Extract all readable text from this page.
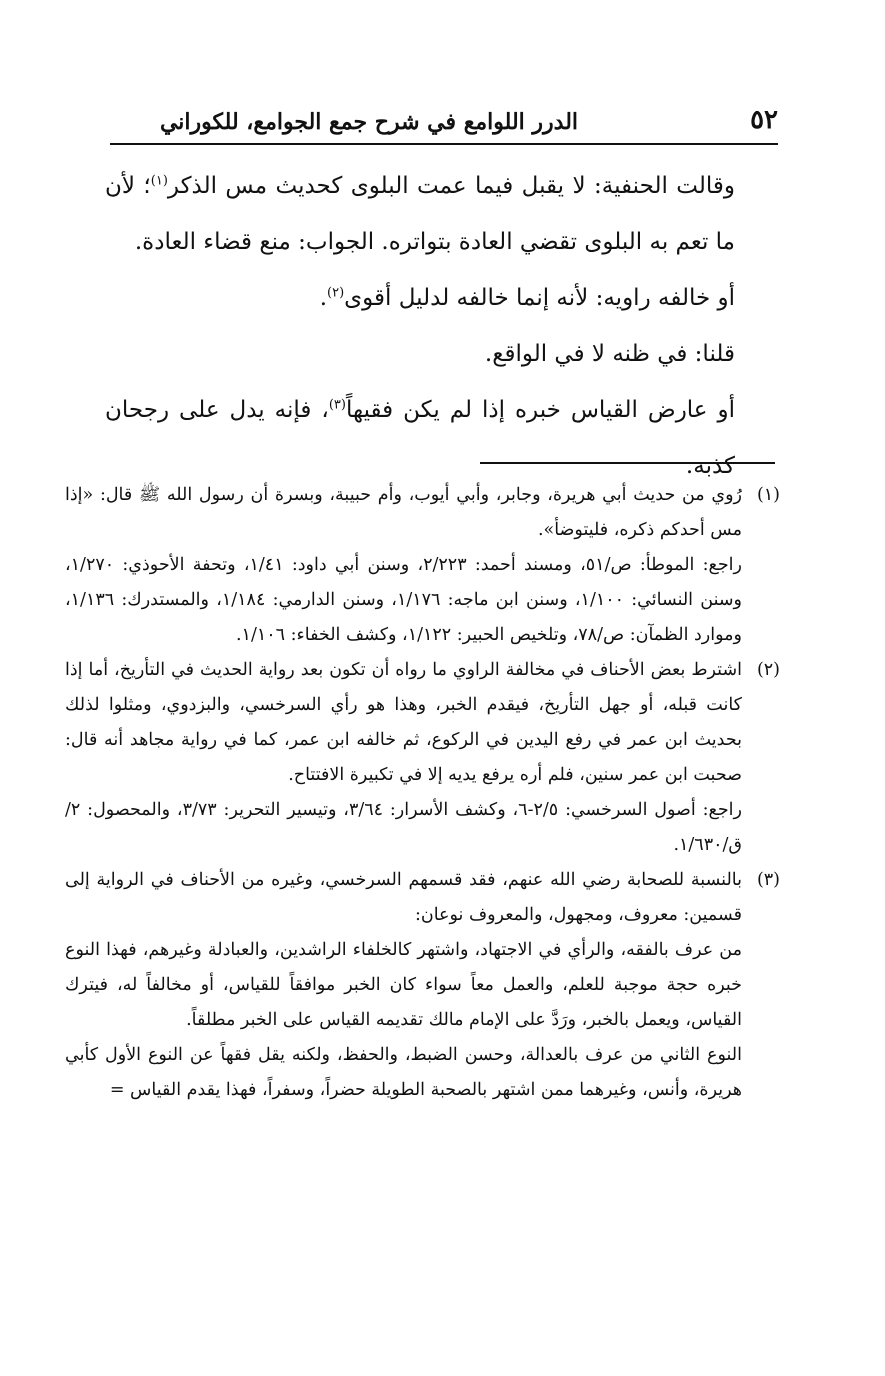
٥٢
الدرر اللوامع في شرح جمع الجوامع، للكوراني

وقالت الحنفية: لا يقبل فيما عمت البلوى كحديث مس الذكر$^{(١)}$؛ لأن ما تعم به البلوى تقضي العادة بتواتره. الجواب: منع قضاء العادة.

أو خالفه راويه: لأنه إنما خالفه لدليل أقوى$^{(٢)}$.

قلنا: في ظنه لا في الواقع.

أو عارض القياس خبره إذا لم يكن فقيهاً$^{(٣)}$، فإنه يدل على رجحان كذبه.

(١)

رُوي من حديث أبي هريرة، وجابر، وأبي أيوب، وأم حبيبة، وبسرة أن رسول الله ﷺ قال: «إذا مس أحدكم ذكره، فليتوضأ».

راجع: الموطأ: ص/٥١، ومسند أحمد: ٢/٢٢٣، وسنن أبي داود: ١/٤١، وتحفة الأحوذي: ١/٢٧٠، وسنن النسائي: ١/١٠٠، وسنن ابن ماجه: ١/١٧٦، وسنن الدارمي: ١/١٨٤، والمستدرك: ١/١٣٦، وموارد الظمآن: ص/٧٨، وتلخيص الحبير: ١/١٢٢، وكشف الخفاء: ١/١٠٦.

(٢)

اشترط بعض الأحناف في مخالفة الراوي ما رواه أن تكون بعد رواية الحديث في التأريخ، أما إذا كانت قبله، أو جهل التأريخ، فيقدم الخبر، وهذا هو رأي السرخسي، والبزدوي، ومثلوا لذلك بحديث ابن عمر في رفع اليدين في الركوع، ثم خالفه ابن عمر، كما في رواية مجاهد أنه قال: صحبت ابن عمر سنين، فلم أره يرفع يديه إلا في تكبيرة الافتتاح.

راجع: أصول السرخسي: ٢/٥-٦، وكشف الأسرار: ٣/٦٤، وتيسير التحرير: ٣/٧٣، والمحصول: ٢/ق/١/٦٣٠.

(٣)

بالنسبة للصحابة رضي الله عنهم، فقد قسمهم السرخسي، وغيره من الأحناف في الرواية إلى قسمين: معروف، ومجهول، والمعروف نوعان:

من عرف بالفقه، والرأي في الاجتهاد، واشتهر كالخلفاء الراشدين، والعبادلة وغيرهم، فهذا النوع خبره حجة موجبة للعلم، والعمل معاً سواء كان الخبر موافقاً للقياس، أو مخالفاً له، فيترك القياس، ويعمل بالخبر، ورَدَّ على الإمام مالك تقديمه القياس على الخبر مطلقاً.

النوع الثاني من عرف بالعدالة، وحسن الضبط، والحفظ، ولكنه يقل فقهاً عن النوع الأول كأبي هريرة، وأنس، وغيرهما ممن اشتهر بالصحبة الطويلة حضراً، وسفراً، فهذا يقدم القياس =
